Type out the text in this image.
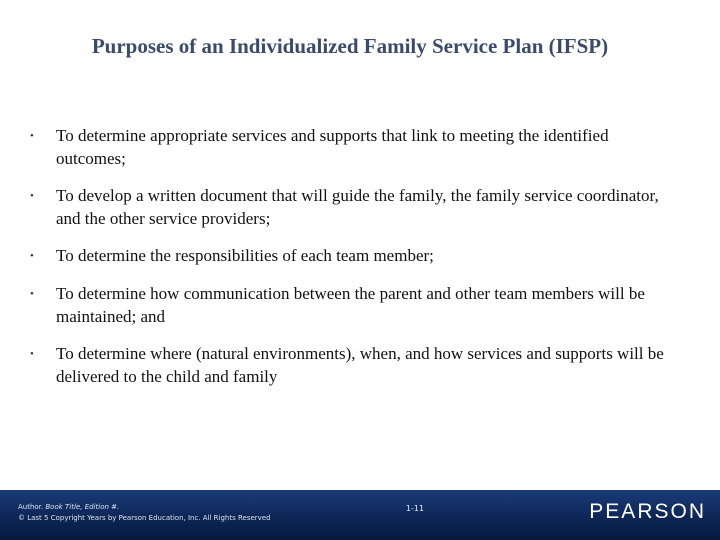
Purposes of an Individualized Family Service Plan (IFSP)
•	To determine appropriate services and supports that link to meeting the identified outcomes;
•	To develop a written document that will guide the family, the family service coordinator, and the other service providers;
•	To determine the responsibilities of each team member;
•	To determine how communication between the parent and other team members will be maintained; and
•	To determine where (natural environments), when, and how services and supports will be delivered to the child and family
Author. Book Title, Edition #.
© Last 5 Copyright Years by Pearson Education, Inc. All Rights Reserved
1-11	PEARSON
